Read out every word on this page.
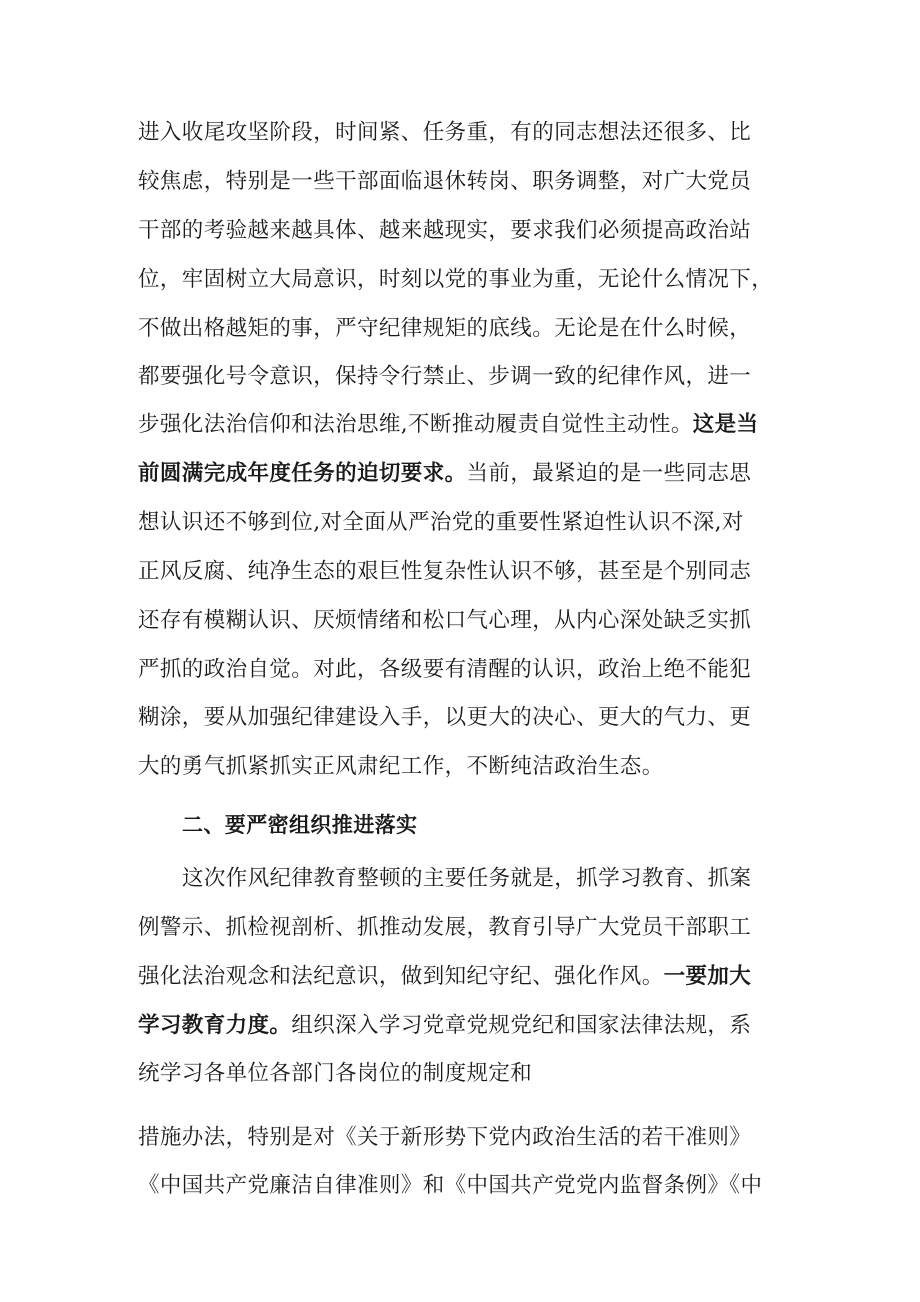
进入收尾攻坚阶段，时间紧、任务重，有的同志想法还很多、比
较焦虑，特别是一些干部面临退休转岗、职务调整，对广大党员
干部的考验越来越具体、越来越现实，要求我们必须提高政治站
位，牢固树立大局意识，时刻以党的事业为重，无论什么情况下，
不做出格越矩的事，严守纪律规矩的底线。无论是在什么时候，
都要强化号令意识，保持令行禁止、步调一致的纪律作风，进一
步强化法治信仰和法治思维,不断推动履责自觉性主动性。这是当
前圆满完成年度任务的迫切要求。当前，最紧迫的是一些同志思
想认识还不够到位,对全面从严治党的重要性紧迫性认识不深,对
正风反腐、纯净生态的艰巨性复杂性认识不够，甚至是个别同志
还存有模糊认识、厌烦情绪和松口气心理，从内心深处缺乏实抓
严抓的政治自觉。对此，各级要有清醒的认识，政治上绝不能犯
糊涂，要从加强纪律建设入手，以更大的决心、更大的气力、更
大的勇气抓紧抓实正风肃纪工作，不断纯洁政治生态。
二、要严密组织推进落实
这次作风纪律教育整顿的主要任务就是，抓学习教育、抓案
例警示、抓检视剖析、抓推动发展，教育引导广大党员干部职工
强化法治观念和法纪意识，做到知纪守纪、强化作风。一要加大
学习教育力度。组织深入学习党章党规党纪和国家法律法规，系
统学习各单位各部门各岗位的制度规定和
措施办法，特别是对《关于新形势下党内政治生活的若干准则》
《中国共产党廉洁自律准则》和《中国共产党党内监督条例》《中
